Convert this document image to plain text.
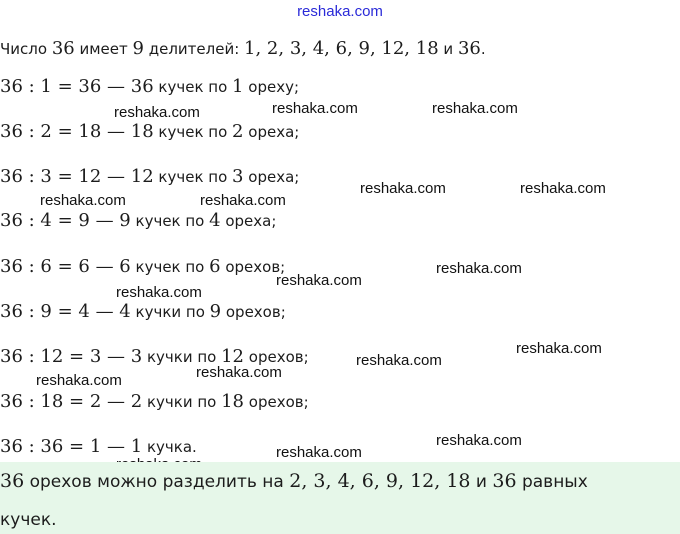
reshaka.com
Число 36 имеет 9 делителей: 1, 2, 3, 4, 6, 9, 12, 18 и 36.
36 : 1 = 36 — 36 кучек по 1 ореху;
36 : 2 = 18 — 18 кучек по 2 ореха;
36 : 3 = 12 — 12 кучек по 3 ореха;
36 : 4 = 9 — 9 кучек по 4 ореха;
36 : 6 = 6 — 6 кучек по 6 орехов;
36 : 9 = 4 — 4 кучки по 9 орехов;
36 : 12 = 3 — 3 кучки по 12 орехов;
36 : 18 = 2 — 2 кучки по 18 орехов;
36 : 36 = 1 — 1 кучка.
reshaka.com	reshaka.com	reshaka.com
reshaka.com	reshaka.com
reshaka.com	reshaka.com
reshaka.com
reshaka.com
reshaka.com
reshaka.com
reshaka.com
reshaka.com
reshaka.com
reshaka.com
reshaka.com
36 орехов можно разделить на 2, 3, 4, 6, 9, 12, 18 и 36 равных
кучек.
